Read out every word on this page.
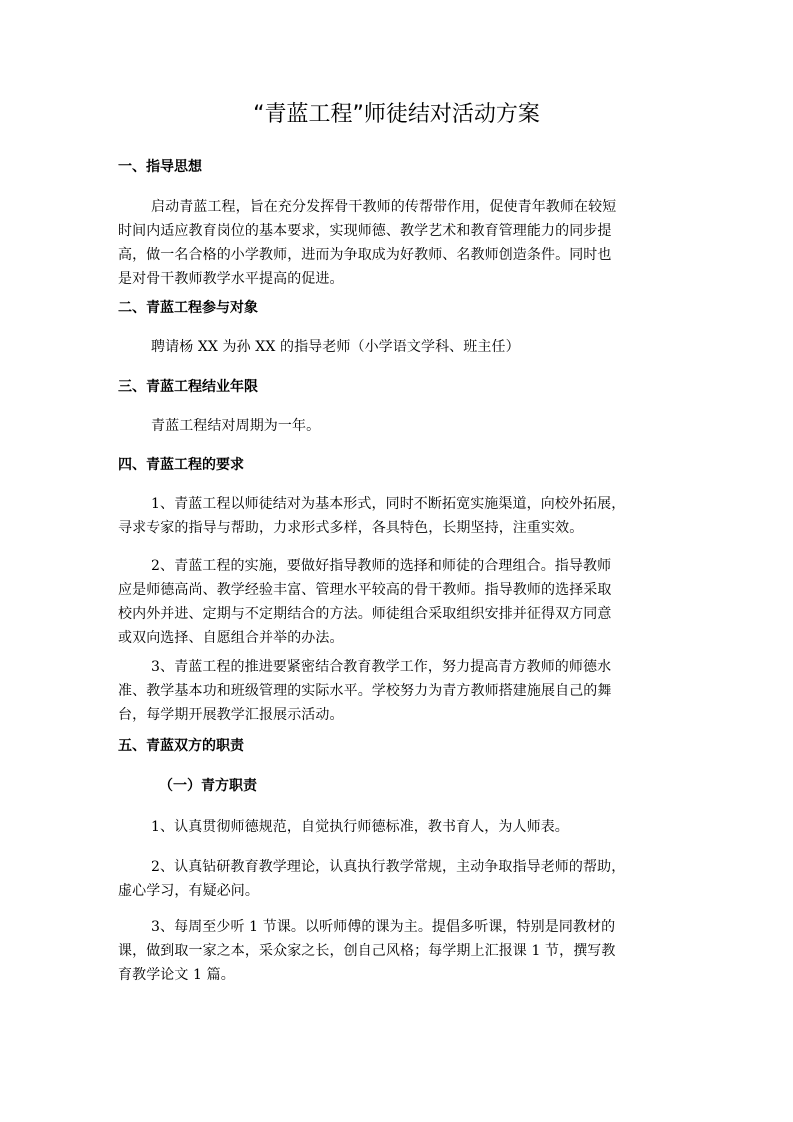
“青蓝工程”师徒结对活动方案
一、指导思想
启动青蓝工程，旨在充分发挥骨干教师的传帮带作用，促使青年教师在较短
时间内适应教育岗位的基本要求，实现师德、教学艺术和教育管理能力的同步提
高，做一名合格的小学教师，进而为争取成为好教师、名教师创造条件。同时也
是对骨干教师教学水平提高的促进。
二、青蓝工程参与对象
聘请杨 XX 为孙 XX 的指导老师（小学语文学科、班主任）
三、青蓝工程结业年限
青蓝工程结对周期为一年。
四、青蓝工程的要求
1、青蓝工程以师徒结对为基本形式，同时不断拓宽实施渠道，向校外拓展，
寻求专家的指导与帮助，力求形式多样，各具特色，长期坚持，注重实效。
2、青蓝工程的实施，要做好指导教师的选择和师徒的合理组合。指导教师
应是师德高尚、教学经验丰富、管理水平较高的骨干教师。指导教师的选择采取
校内外并进、定期与不定期结合的方法。师徒组合采取组织安排并征得双方同意
或双向选择、自愿组合并举的办法。
3、青蓝工程的推进要紧密结合教育教学工作，努力提高青方教师的师德水
准、教学基本功和班级管理的实际水平。学校努力为青方教师搭建施展自己的舞
台，每学期开展教学汇报展示活动。
五、青蓝双方的职责
（一）青方职责
1、认真贯彻师德规范，自觉执行师德标准，教书育人，为人师表。
2、认真钻研教育教学理论，认真执行教学常规，主动争取指导老师的帮助，
虚心学习，有疑必问。
3、每周至少听 1 节课。以听师傅的课为主。提倡多听课，特别是同教材的
课，做到取一家之本，采众家之长，创自己风格；每学期上汇报课 1 节，撰写教
育教学论文 1 篇。
